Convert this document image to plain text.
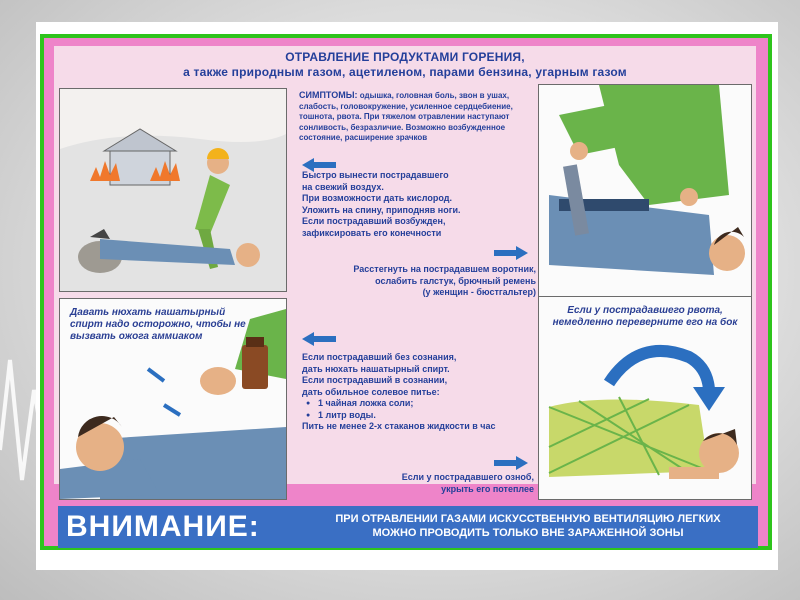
ОТРАВЛЕНИЕ ПРОДУКТАМИ ГОРЕНИЯ,
а также природным газом, ацетиленом, парами бензина, угарным газом
Давать нюхать нашатырный спирт надо осторожно, чтобы не вызвать ожога аммиаком
Если у пострадавшего рвота, немедленно переверните его на бок
СИМПТОМЫ: одышка, головная боль, звон в ушах, слабость, головокружение, усиленное сердцебиение, тошнота, рвота. При тяжелом отравлении наступают сонливость, безразличие. Возможно возбужденное состояние, расширение зрачков
Быстро вынести пострадавшего
на свежий воздух.
При возможности дать кислород.
Уложить на спину, приподняв ноги.
Если пострадавший возбужден,
зафиксировать его конечности
Расстегнуть на пострадавшем воротник,
ослабить галстук, брючный ремень
(у женщин - бюстгальтер)
Если пострадавший без сознания,
дать нюхать нашатырный спирт.
Если пострадавший в сознании,
дать обильное солевое питье:
● 1 чайная ложка соли;
● 1 литр воды.
Пить не менее 2-х стаканов жидкости в час
Если у пострадавшего озноб,
укрыть его потеплее
ВНИМАНИЕ:	ПРИ ОТРАВЛЕНИИ ГАЗАМИ ИСКУССТВЕННУЮ ВЕНТИЛЯЦИЮ ЛЕГКИХ
МОЖНО ПРОВОДИТЬ ТОЛЬКО ВНЕ ЗАРАЖЕННОЙ ЗОНЫ
